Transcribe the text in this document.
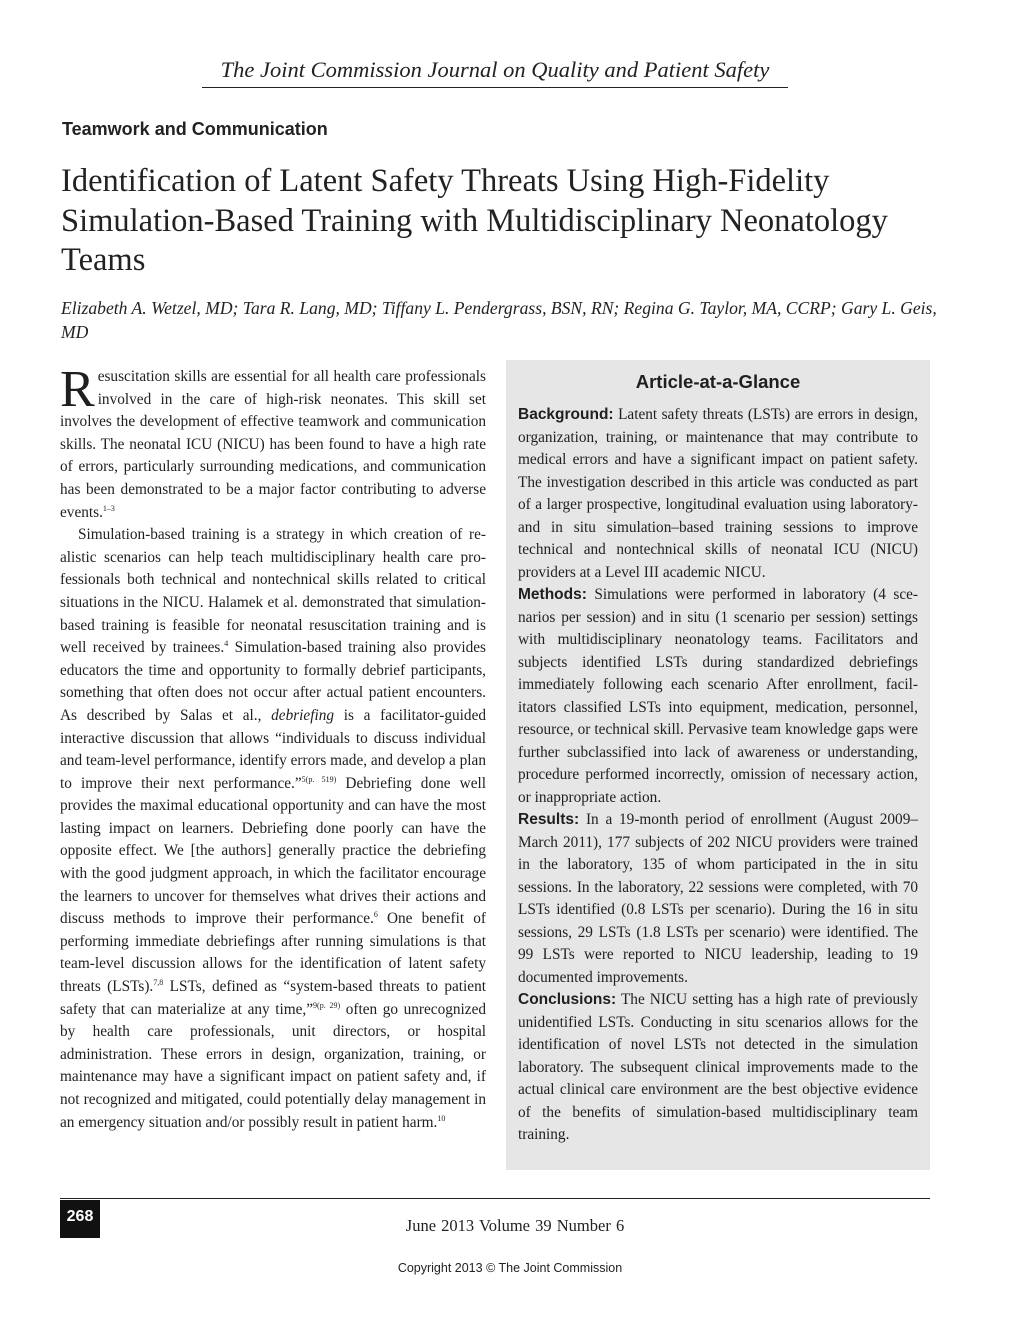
The Joint Commission Journal on Quality and Patient Safety
Teamwork and Communication
Identification of Latent Safety Threats Using High-Fidelity Simulation-Based Training with Multidisciplinary Neonatology Teams
Elizabeth A. Wetzel, MD; Tara R. Lang, MD; Tiffany L. Pendergrass, BSN, RN; Regina G. Taylor, MA, CCRP; Gary L. Geis, MD

Resuscitation skills are essential for all health care professionals involved in the care of high-risk neonates. This skill set involves the development of effective teamwork and communication skills. The neonatal ICU (NICU) has been found to have a high rate of errors, particularly surrounding medications, and communication has been demonstrated to be a major factor contributing to adverse events.$^{1-3}$

Simulation-based training is a strategy in which creation of realistic scenarios can help teach multidisciplinary health care professionals both technical and nontechnical skills related to critical situations in the NICU. Halamek et al. demonstrated that simulation-based training is feasible for neonatal resuscitation training and is well received by trainees.$^4$ Simulation-based training also provides educators the time and opportunity to formally debrief participants, something that often does not occur after actual patient encounters. As described by Salas et al., debriefing is a facilitator-guided interactive discussion that allows “individuals to discuss individual and team-level performance, identify errors made, and develop a plan to improve their next performance.”$^{5(p. 519)}$ Debriefing done well provides the maximal educational opportunity and can have the most lasting impact on learners. Debriefing done poorly can have the opposite effect. We [the authors] generally practice the debriefing with the good judgment approach, in which the facilitator encourage the learners to uncover for themselves what drives their actions and discuss methods to improve their performance.$^6$ One benefit of performing immediate debriefings after running simulations is that team-level discussion allows for the identification of latent safety threats (LSTs).$^{7,8}$ LSTs, defined as “system-based threats to patient safety that can materialize at any time,”$^{9(p. 29)}$ often go unrecognized by health care professionals, unit directors, or hospital administration. These errors in design, organization, training, or maintenance may have a significant impact on patient safety and, if not recognized and mitigated, could potentially delay management in an emergency situation and/or possibly result in patient harm.$^{10}$

Article-at-a-Glance

Background: Latent safety threats (LSTs) are errors in design, organization, training, or maintenance that may contribute to medical errors and have a significant impact on patient safety. The investigation described in this article was conducted as part of a larger prospective, longitudinal evaluation using laboratory- and in situ simulation–based training sessions to improve technical and nontechnical skills of neonatal ICU (NICU) providers at a Level III academic NICU.

Methods: Simulations were performed in laboratory (4 scenarios per session) and in situ (1 scenario per session) settings with multidisciplinary neonatology teams. Facilitators and subjects identified LSTs during standardized debriefings immediately following each scenario After enrollment, facilitators classified LSTs into equipment, medication, personnel, resource, or technical skill. Pervasive team knowledge gaps were further subclassified into lack of awareness or understanding, procedure performed incorrectly, omission of necessary action, or inappropriate action.

Results: In a 19-month period of enrollment (August 2009–March 2011), 177 subjects of 202 NICU providers were trained in the laboratory, 135 of whom participated in the in situ sessions. In the laboratory, 22 sessions were completed, with 70 LSTs identified (0.8 LSTs per scenario). During the 16 in situ sessions, 29 LSTs (1.8 LSTs per scenario) were identified. The 99 LSTs were reported to NICU leadership, leading to 19 documented improvements.

Conclusions: The NICU setting has a high rate of previously unidentified LSTs. Conducting in situ scenarios allows for the identification of novel LSTs not detected in the simulation laboratory. The subsequent clinical improvements made to the actual clinical care environment are the best objective evidence of the benefits of simulation-based multidisciplinary team training.

268	June 2013 Volume 39 Number 6
Copyright 2013 © The Joint Commission
